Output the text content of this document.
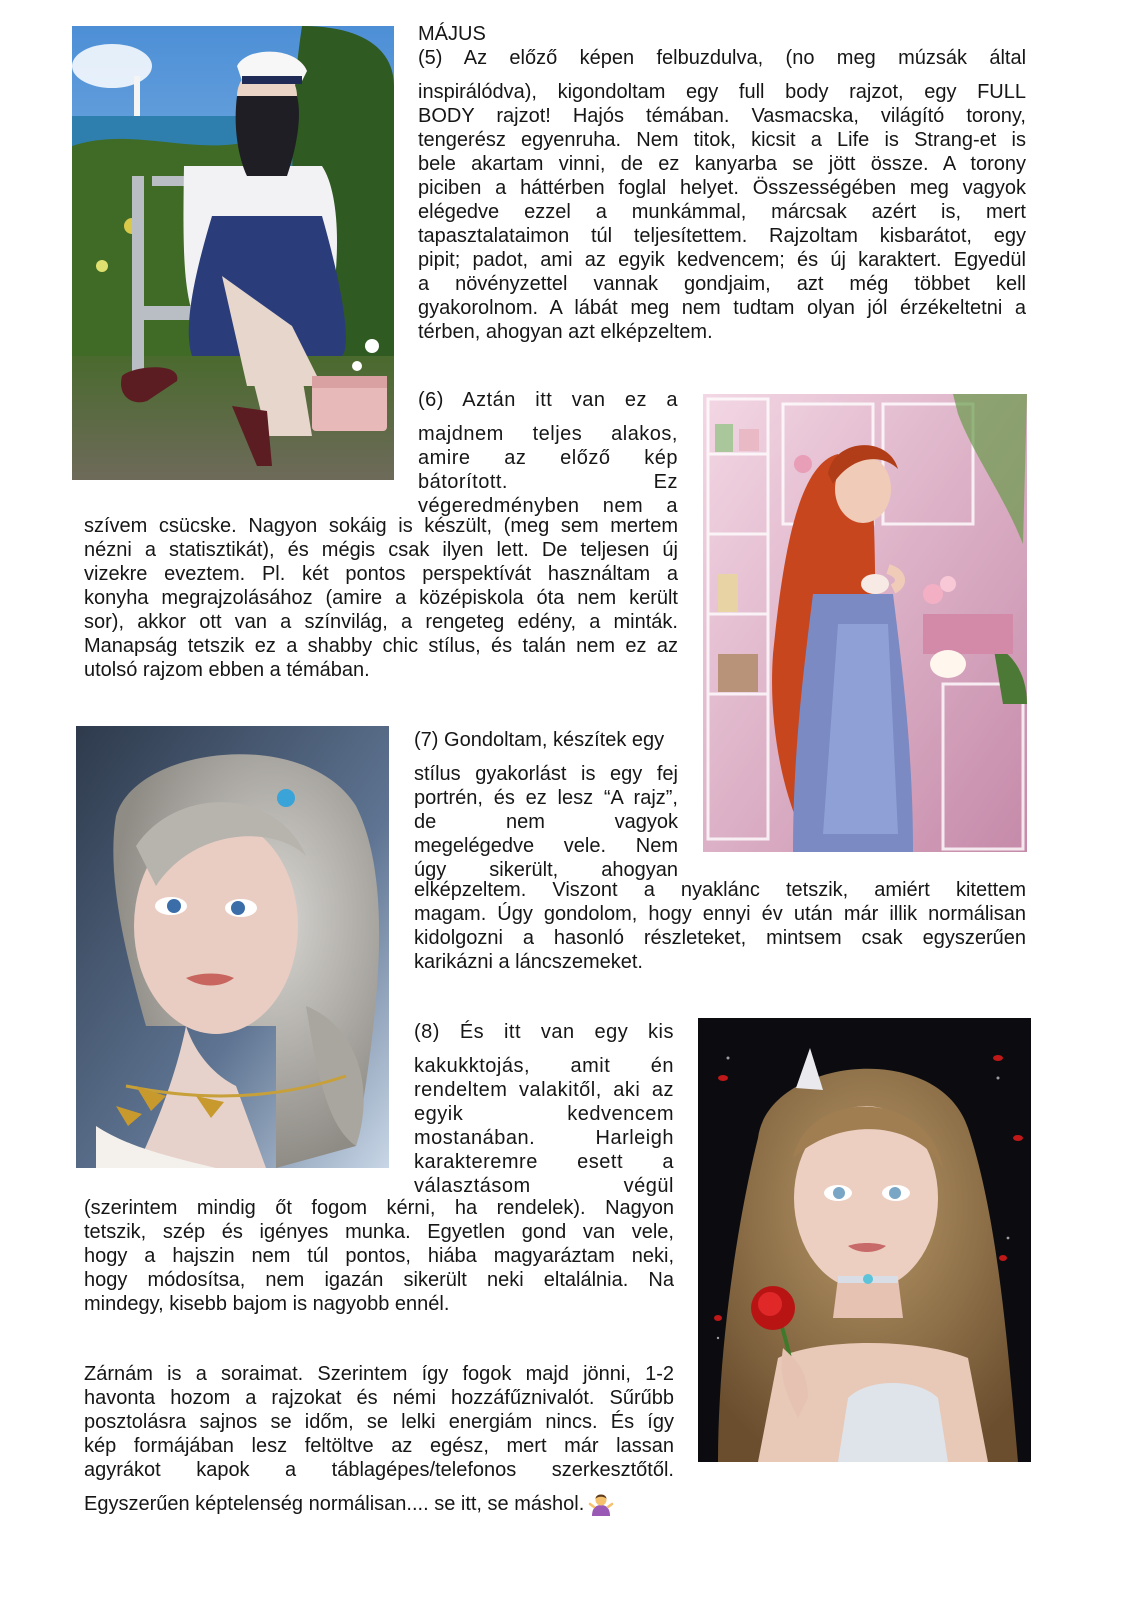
MÁJUS

(5) Az előző képen felbuzdulva, (no meg múzsák által

inspirálódva), kigondoltam egy full body rajzot, egy FULL

BODY rajzot! Hajós témában. Vasmacska, világító torony,

tengerész egyenruha. Nem titok, kicsit a Life is Strang-et is

bele akartam vinni, de ez kanyarba se jött össze. A torony

piciben a háttérben foglal helyet. Összességében meg vagyok

elégedve ezzel a munkámmal, márcsak azért is, mert

tapasztalataimon túl teljesítettem. Rajzoltam kisbarátot, egy

pipit; padot, ami az egyik kedvencem; és új karaktert. Egyedül

a növényzettel vannak gondjaim, azt még többet kell

gyakorolnom. A lábát meg nem tudtam olyan jól érzékeltetni a

térben, ahogyan azt elképzeltem.

(6) Aztán itt van ez a

majdnem teljes alakos,

amire az előző kép

bátorított. Ez

végeredményben nem a

szívem csücske. Nagyon sokáig is készült, (meg sem mertem

nézni a statisztikát), és mégis csak ilyen lett. De teljesen új

vizekre eveztem. Pl. két pontos perspektívát használtam a

konyha megrajzolásához (amire a középiskola óta nem került

sor), akkor ott van a színvilág, a rengeteg edény, a minták.

Manapság tetszik ez a shabby chic stílus, és talán nem ez az

utolsó rajzom ebben a témában.

(7) Gondoltam, készítek egy

stílus gyakorlást is egy fej

portrén, és ez lesz “A rajz”,

de nem vagyok

megelégedve vele. Nem

úgy sikerült, ahogyan

elképzeltem. Viszont a nyaklánc tetszik, amiért kitettem

magam. Úgy gondolom, hogy ennyi év után már illik normálisan

kidolgozni a hasonló részleteket, mintsem csak egyszerűen

karikázni a láncszemeket.

(8) És itt van egy kis

kakukktojás, amit én

rendeltem valakitől, aki az

egyik kedvencem

mostanában. Harleigh

karakteremre esett a

választásom végül

(szerintem mindig őt fogom kérni, ha rendelek). Nagyon

tetszik, szép és igényes munka. Egyetlen gond van vele,

hogy a hajszin nem túl pontos, hiába magyaráztam neki,

hogy módosítsa, nem igazán sikerült neki eltalálnia. Na

mindegy, kisebb bajom is nagyobb ennél.

Zárnám is a soraimat. Szerintem így fogok majd jönni, 1-2

havonta hozom a rajzokat és némi hozzáfűznivalót. Sűrűbb

posztolásra sajnos se időm, se lelki energiám nincs. És így

kép formájában lesz feltöltve az egész, mert már lassan

agyrákot kapok a táblagépes/telefonos szerkesztőtől.

Egyszerűen képtelenség normálisan.... se itt, se máshol.
